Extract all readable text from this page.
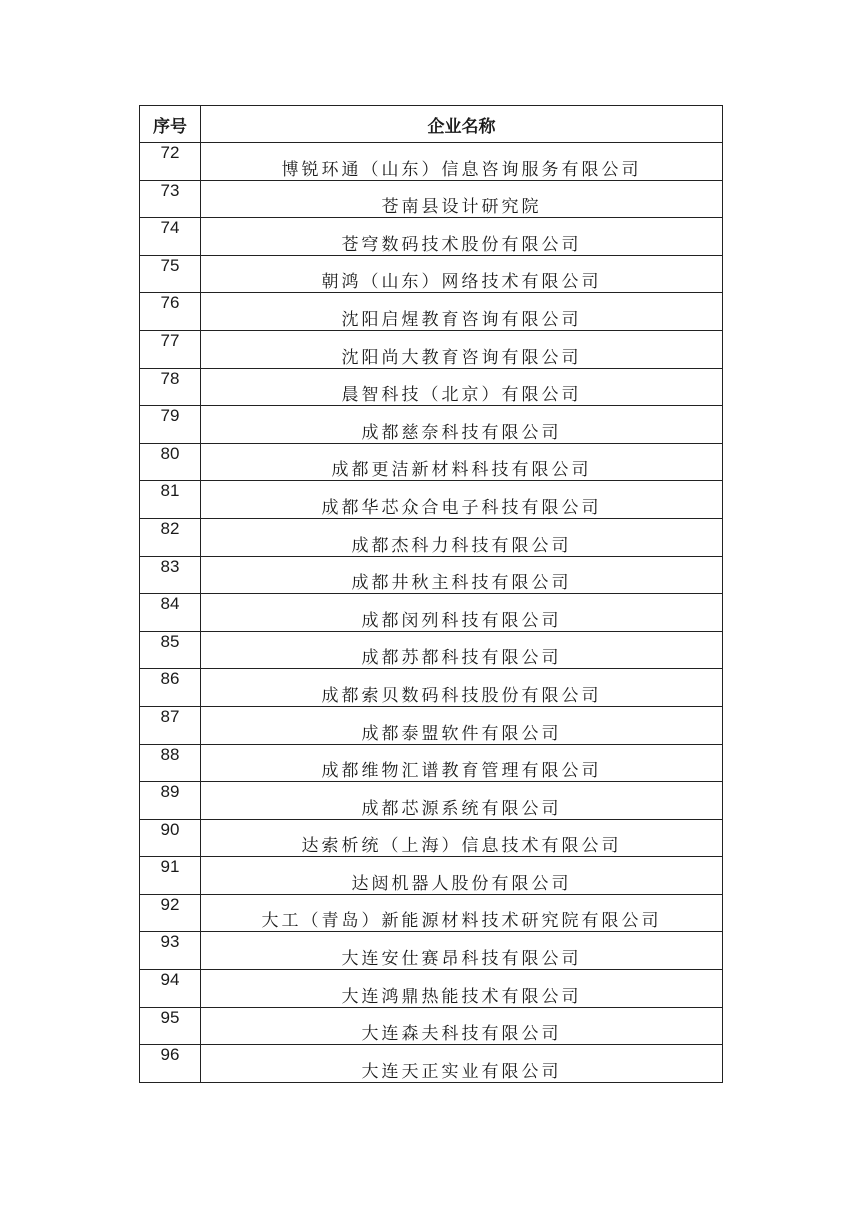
序号	企业名称
72	博锐环通（山东）信息咨询服务有限公司
73	苍南县设计研究院
74	苍穹数码技术股份有限公司
75	朝鸿（山东）网络技术有限公司
76	沈阳启煋教育咨询有限公司
77	沈阳尚大教育咨询有限公司
78	晨智科技（北京）有限公司
79	成都慈奈科技有限公司
80	成都更洁新材料科技有限公司
81	成都华芯众合电子科技有限公司
82	成都杰科力科技有限公司
83	成都井秋主科技有限公司
84	成都闵列科技有限公司
85	成都苏都科技有限公司
86	成都索贝数码科技股份有限公司
87	成都泰盟软件有限公司
88	成都维物汇谱教育管理有限公司
89	成都芯源系统有限公司
90	达索析统（上海）信息技术有限公司
91	达闼机器人股份有限公司
92	大工（青岛）新能源材料技术研究院有限公司
93	大连安仕赛昂科技有限公司
94	大连鸿鼎热能技术有限公司
95	大连森夫科技有限公司
96	大连天正实业有限公司
